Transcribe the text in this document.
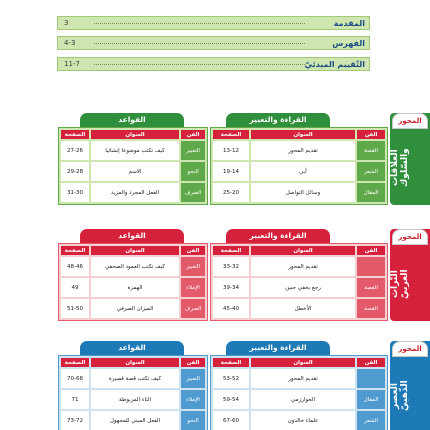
3	المقدمة
4-3	الفهرس
11-7	التّقييم المبدئيّ
القواعد	القراءة والتعبير
الصفحة	العنوان	الفن
27-26	كيف تكتب موضوعا إنشائيا	التعبير
29-28	الاسم	النحو
31-30	الفعل المجرد والمزيد	الصرف
الصفحة	العنوان	الفن
13-12	تقديم المحور	القصة
19-14	أبي	الشعر
25-20	وسائل التواصل	المقال
المحور
العلاقات والسّلوك
القواعد	القراءة والتعبير
الصفحة	العنوان	الفن
48-46	كيف تكتب العمود الصحفي	التعبير
49	الهمزة	الإملاء
51-50	الميزان الصرفي	الصرف
الصفحة	العنوان	الفن
33-32	تقديم المحور
39-34	رجع بخفي حنين	القصة
45-40	الأخطل	القصة
المحور
التّراث العربيّ
القواعد	القراءة والتعبير
الصفحة	العنوان	الفن
70-68	كيف تكتب قصة قصيرة	التعبير
71	التاء المربوطة	الإملاء
73-72	الفعل المبني للمجهول	النحو
الصفحة	العنوان	الفن
53-52	تقديم المحور
59-54	الخوارزمي	المقال
67-60	علماء خالدون	الشعر
المحور
العصر الذّهبيّ
